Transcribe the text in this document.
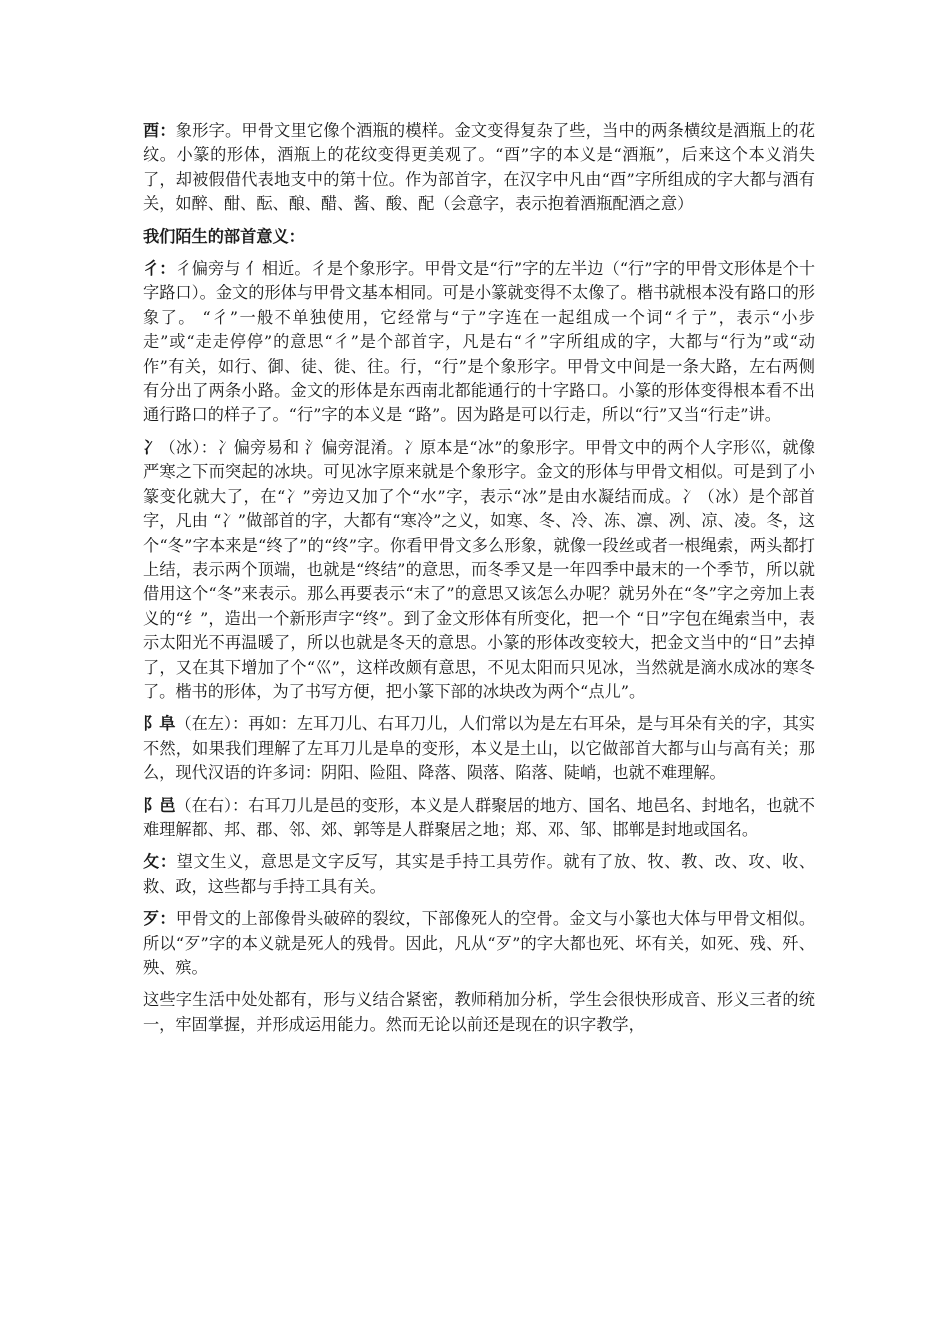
酉：象形字。甲骨文里它像个酒瓶的模样。金文变得复杂了些，当中的两条横纹是酒瓶上的花纹。小篆的形体，酒瓶上的花纹变得更美观了。“酉”字的本义是“酒瓶”，后来这个本义消失了，却被假借代表地支中的第十位。作为部首字，在汉字中凡由“酉”字所组成的字大都与酒有关，如醉、酣、酝、酿、醋、酱、酸、配（会意字，表示抱着酒瓶配酒之意）

我们陌生的部首意义：

彳：彳偏旁与 亻相近。彳是个象形字。甲骨文是“行”字的左半边（“行”字的甲骨文形体是个十字路口）。金文的形体与甲骨文基本相同。可是小篆就变得不太像了。楷书就根本没有路口的形象了。 “彳”一般不单独使用，它经常与“亍”字连在一起组成一个词“彳亍”，表示“小步走”或“走走停停”的意思“彳”是个部首字，凡是右“彳”字所组成的字，大都与“行为”或“动作”有关，如行、御、徒、徙、往。行，“行”是个象形字。甲骨文中间是一条大路，左右两侧有分出了两条小路。金文的形体是东西南北都能通行的十字路口。小篆的形体变得根本看不出通行路口的样子了。“行”字的本义是 “路”。因为路是可以行走，所以“行”又当“行走”讲。

冫（冰）：冫偏旁易和 氵偏旁混淆。冫原本是“冰”的象形字。甲骨文中的两个人字形巛，就像严寒之下而突起的冰块。可见冰字原来就是个象形字。金文的形体与甲骨文相似。可是到了小篆变化就大了，在“冫”旁边又加了个“水”字，表示“冰”是由水凝结而成。冫（冰）是个部首字，凡由 “冫”做部首的字，大都有“寒冷”之义，如寒、冬、冷、冻、凛、冽、凉、凌。冬，这个“冬”字本来是“终了”的“终”字。你看甲骨文多么形象，就像一段丝或者一根绳索，两头都打上结，表示两个顶端，也就是“终结”的意思，而冬季又是一年四季中最末的一个季节，所以就借用这个“冬”来表示。那么再要表示“末了”的意思又该怎么办呢？就另外在“冬”字之旁加上表义的“纟”，造出一个新形声字“终”。到了金文形体有所变化，把一个 “日”字包在绳索当中，表示太阳光不再温暖了，所以也就是冬天的意思。小篆的形体改变较大，把金文当中的“日”去掉了，又在其下增加了个“巛”，这样改颇有意思，不见太阳而只见冰，当然就是滴水成冰的寒冬了。楷书的形体，为了书写方便，把小篆下部的冰块改为两个“点儿”。

阝阜（在左）：再如：左耳刀儿、右耳刀儿，人们常以为是左右耳朵，是与耳朵有关的字，其实不然，如果我们理解了左耳刀儿是阜的变形，本义是土山，以它做部首大都与山与高有关；那么，现代汉语的许多词：阴阳、险阻、降落、陨落、陷落、陡峭，也就不难理解。

阝邑（在右）：右耳刀儿是邑的变形，本义是人群聚居的地方、国名、地邑名、封地名，也就不难理解都、邦、郡、邻、郊、郭等是人群聚居之地；郑、邓、邹、邯郸是封地或国名。

攵：望文生义，意思是文字反写，其实是手持工具劳作。就有了放、牧、教、改、攻、收、救、政，这些都与手持工具有关。

歹：甲骨文的上部像骨头破碎的裂纹，下部像死人的空骨。金文与小篆也大体与甲骨文相似。所以“歹”字的本义就是死人的残骨。因此，凡从“歹”的字大都也死、坏有关，如死、残、歼、殃、殡。

这些字生活中处处都有，形与义结合紧密，教师稍加分析，学生会很快形成音、形义三者的统一，牢固掌握，并形成运用能力。然而无论以前还是现在的识字教学，
